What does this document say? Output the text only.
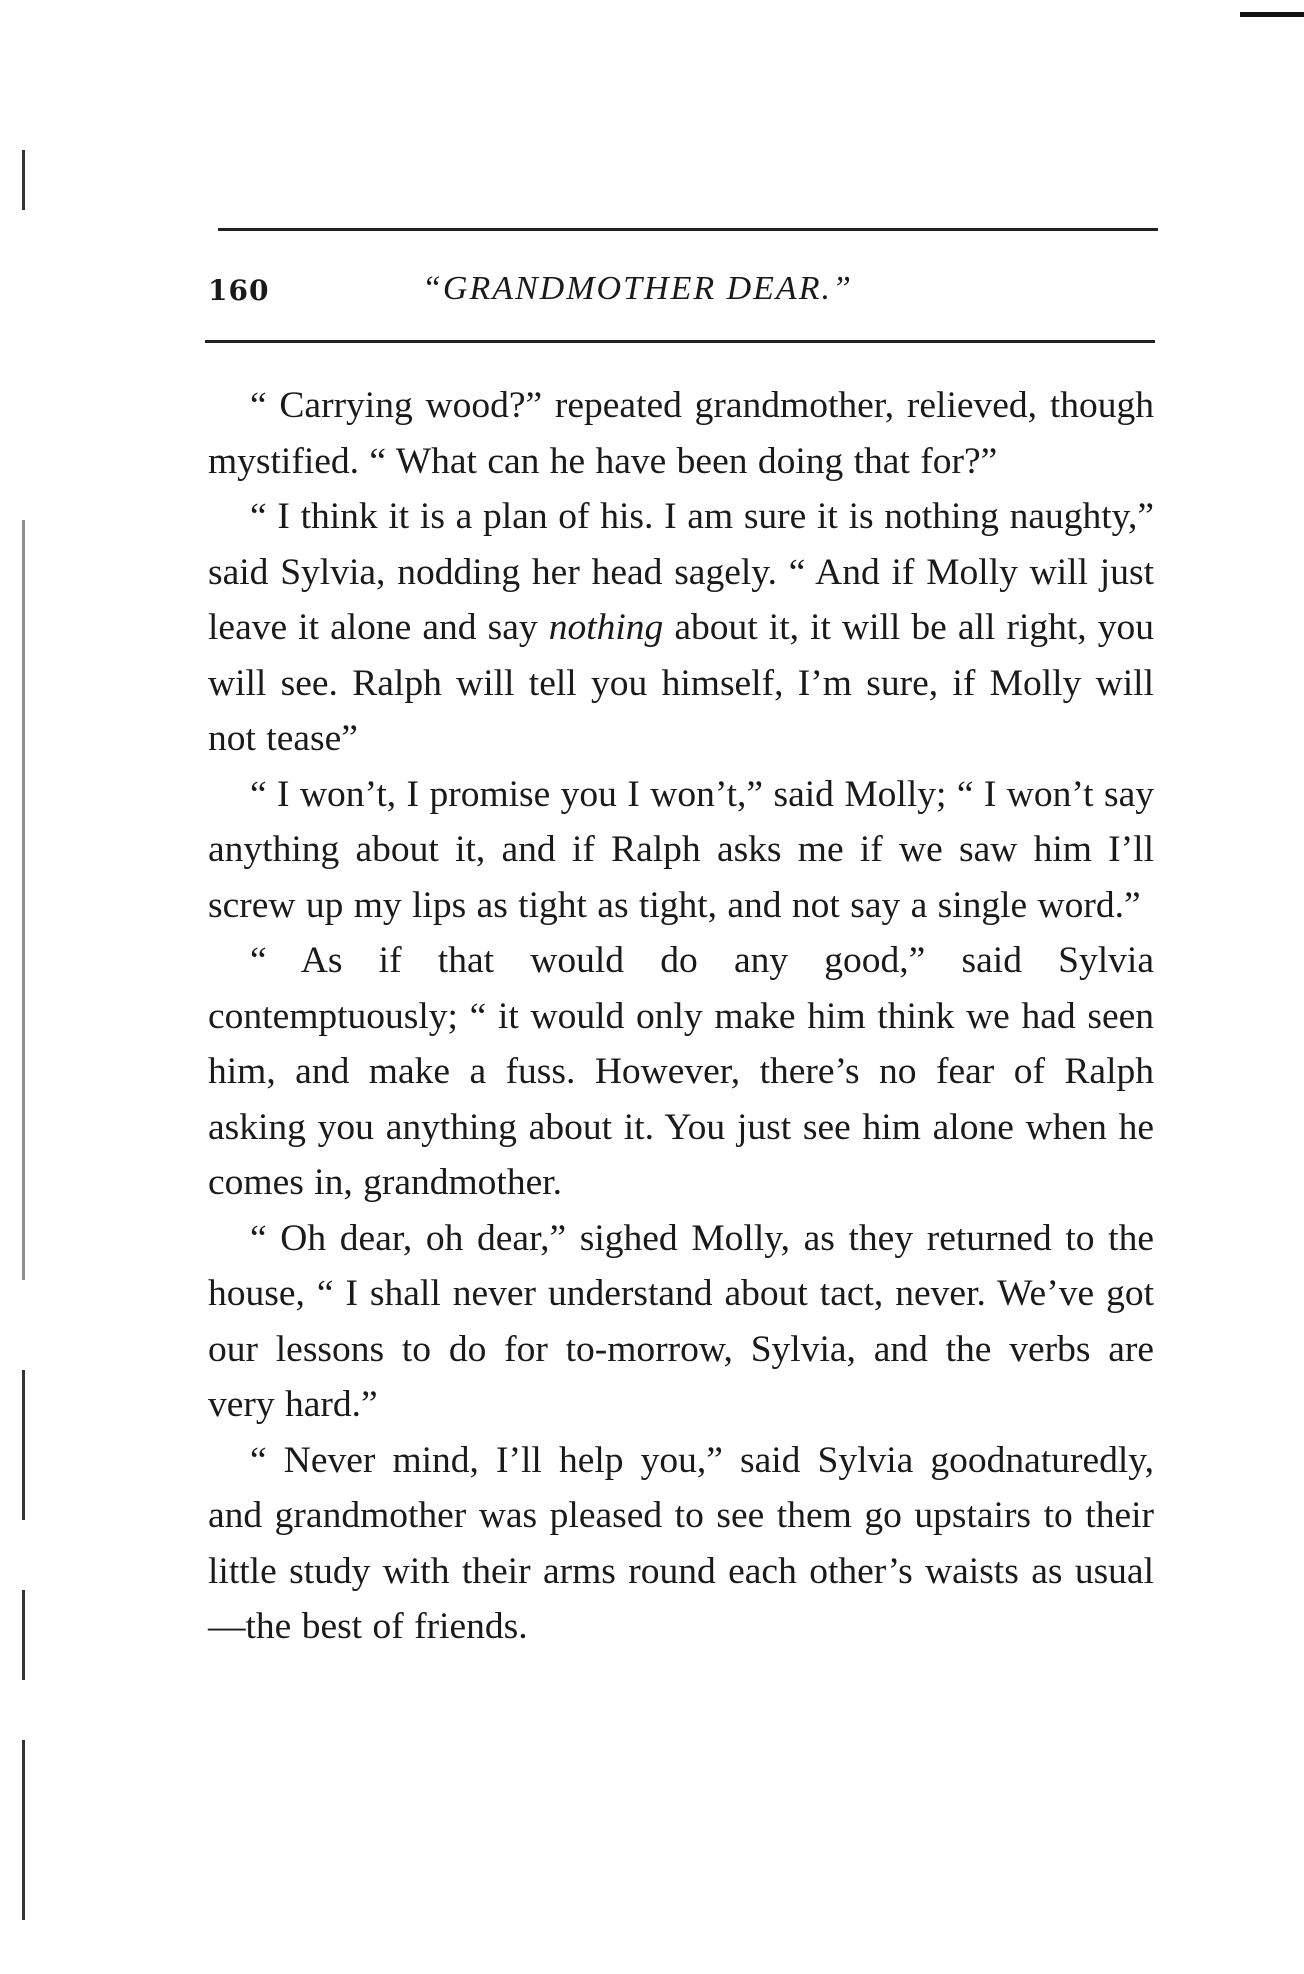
160	“GRANDMOTHER DEAR.”

“ Carrying wood?” repeated grandmother, relieved, though mystified. “ What can he have been doing that for?”

“ I think it is a plan of his. I am sure it is nothing naughty,” said Sylvia, nodding her head sagely. “ And if Molly will just leave it alone and say nothing about it, it will be all right, you will see. Ralph will tell you himself, I’m sure, if Molly will not tease”

“ I won’t, I promise you I won’t,” said Molly; “ I won’t say anything about it, and if Ralph asks me if we saw him I’ll screw up my lips as tight as tight, and not say a single word.”

“ As if that would do any good,” said Sylvia contemptuously; “ it would only make him think we had seen him, and make a fuss. However, there’s no fear of Ralph asking you anything about it. You just see him alone when he comes in, grandmother.

“ Oh dear, oh dear,” sighed Molly, as they returned to the house, “ I shall never understand about tact, never. We’ve got our lessons to do for to-morrow, Sylvia, and the verbs are very hard.”

“ Never mind, I’ll help you,” said Sylvia goodnaturedly, and grandmother was pleased to see them go upstairs to their little study with their arms round each other’s waists as usual—the best of friends.
